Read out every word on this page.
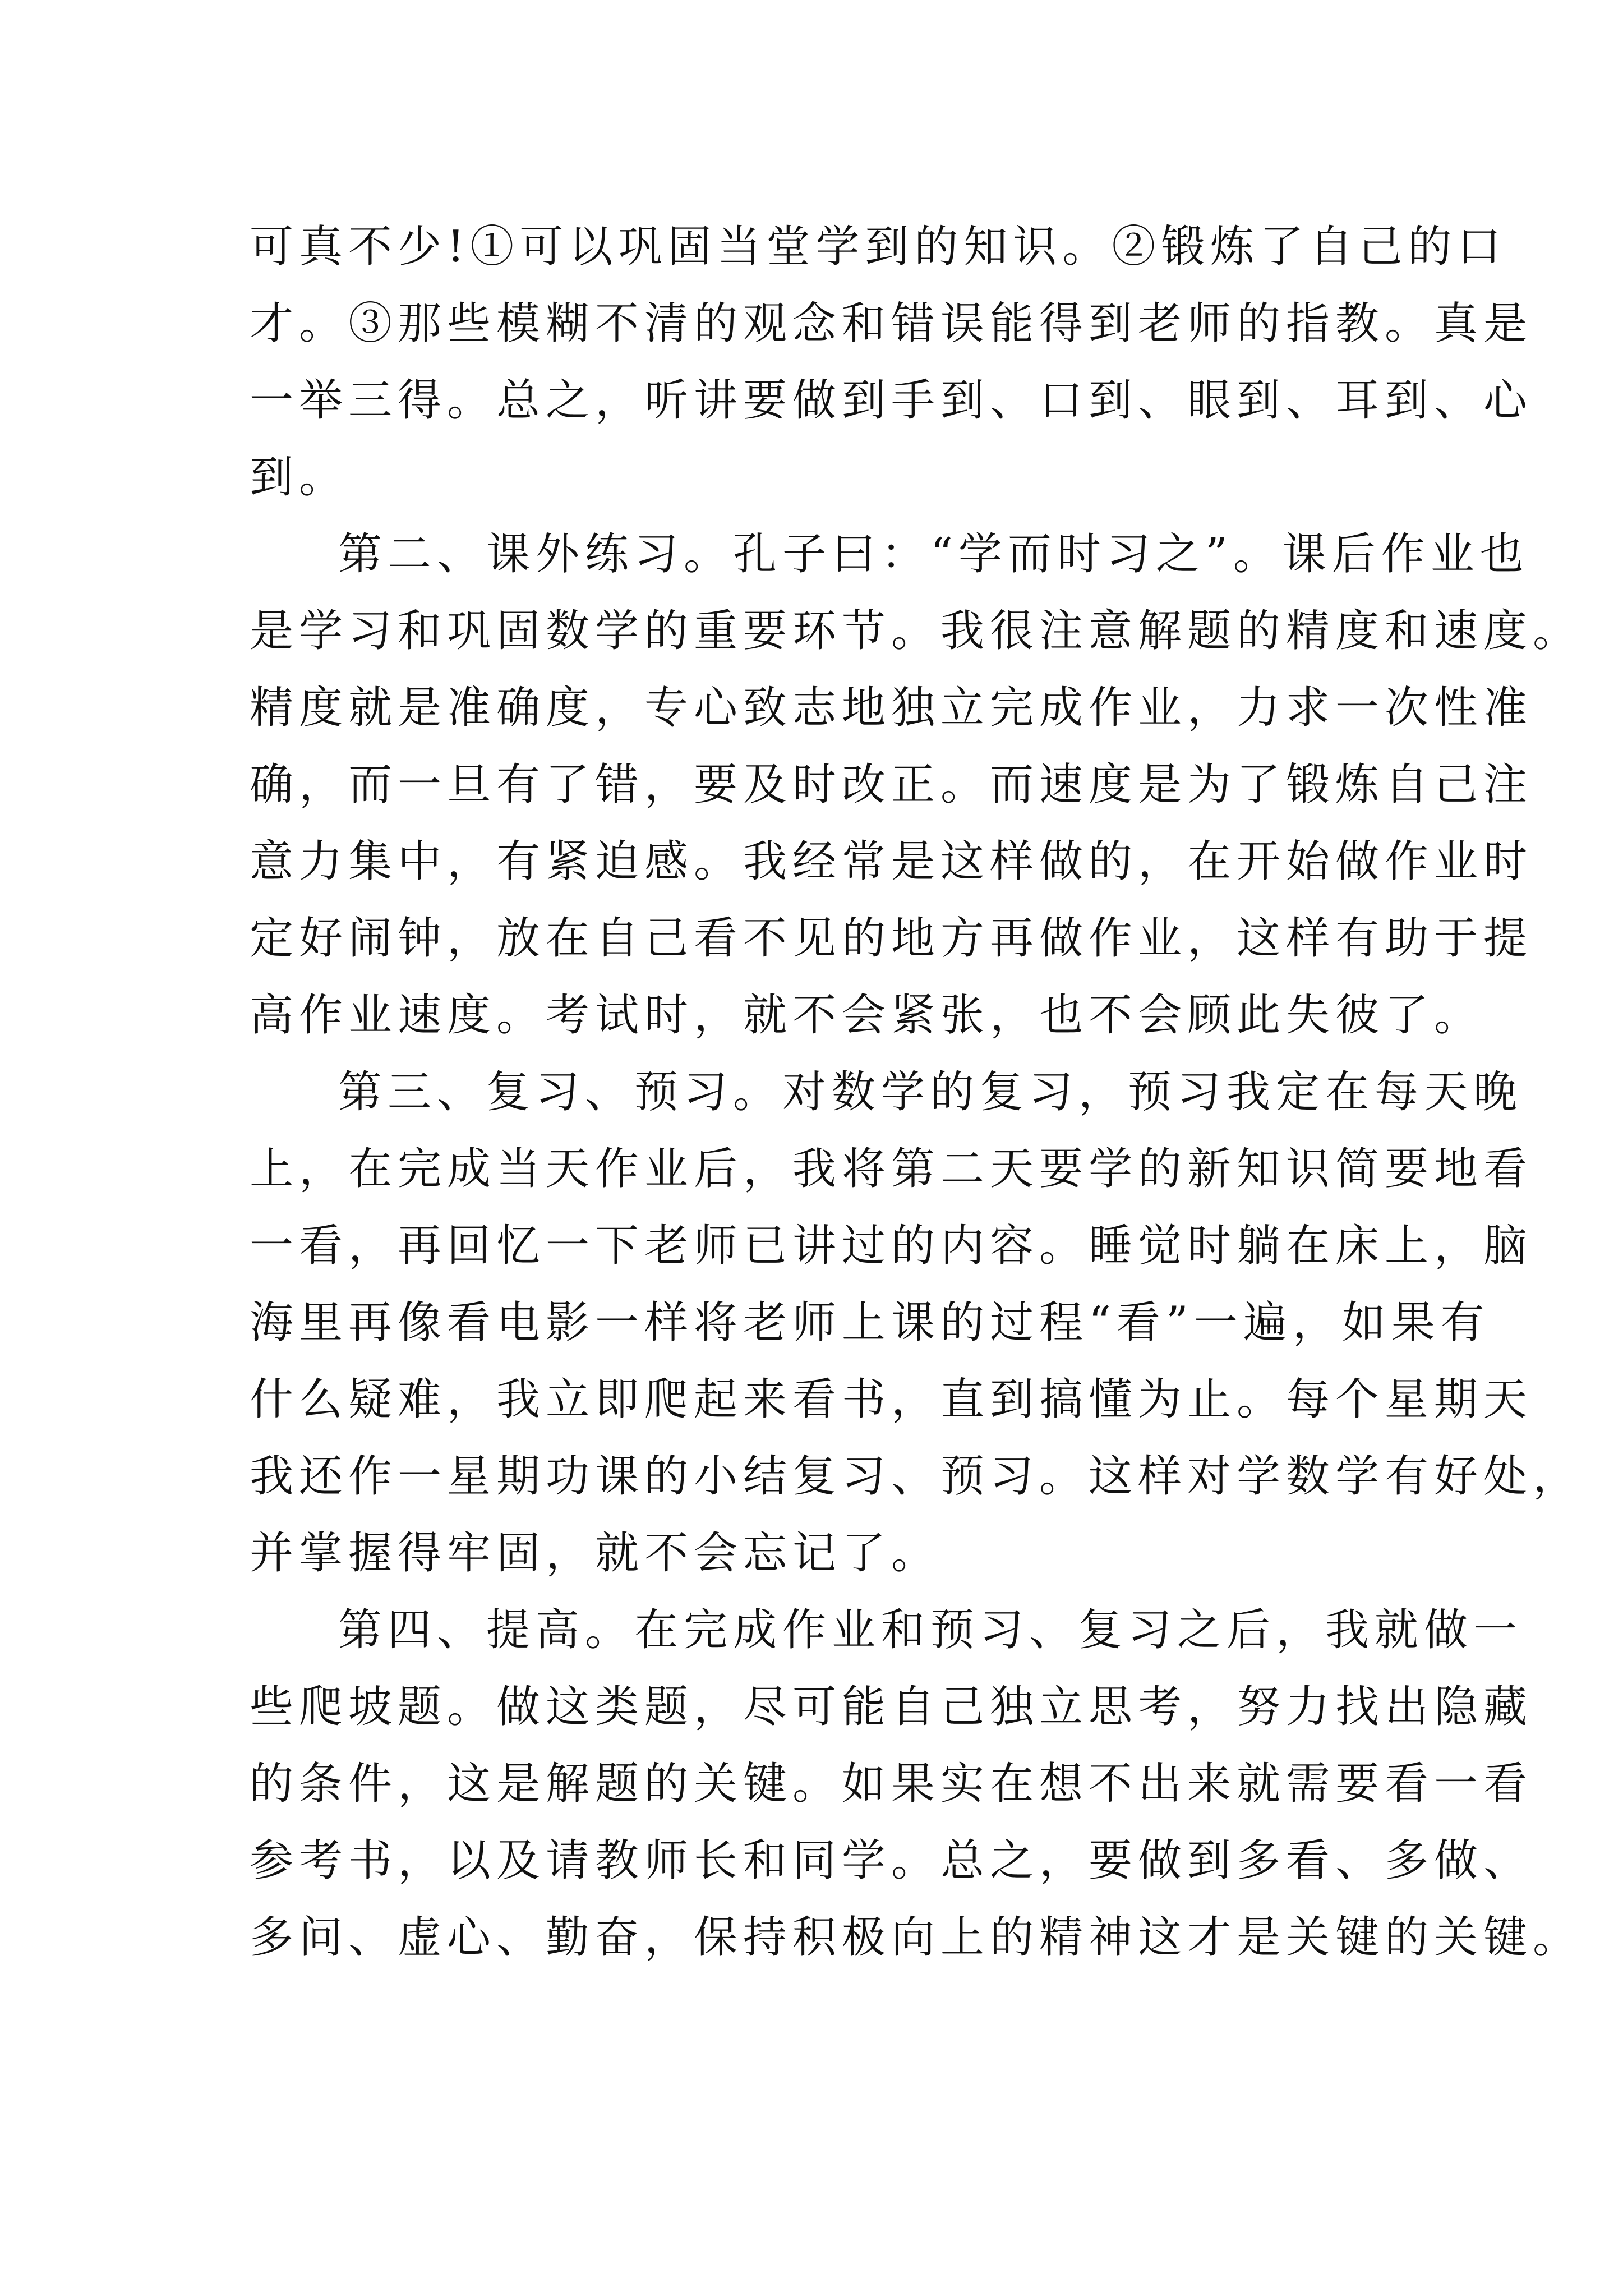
可真不少!①可以巩固当堂学到的知识。②锻炼了自己的口
才。③那些模糊不清的观念和错误能得到老师的指教。真是
一举三得。总之，听讲要做到手到、口到、眼到、耳到、心
到。
第二、课外练习。孔子曰：“学而时习之”。课后作业也
是学习和巩固数学的重要环节。我很注意解题的精度和速度。
精度就是准确度，专心致志地独立完成作业，力求一次性准
确，而一旦有了错，要及时改正。而速度是为了锻炼自己注
意力集中，有紧迫感。我经常是这样做的，在开始做作业时
定好闹钟，放在自己看不见的地方再做作业，这样有助于提
高作业速度。考试时，就不会紧张，也不会顾此失彼了。
第三、复习、预习。对数学的复习，预习我定在每天晚
上，在完成当天作业后，我将第二天要学的新知识简要地看
一看，再回忆一下老师已讲过的内容。睡觉时躺在床上，脑
海里再像看电影一样将老师上课的过程“看”一遍，如果有
什么疑难，我立即爬起来看书，直到搞懂为止。每个星期天
我还作一星期功课的小结复习、预习。这样对学数学有好处，
并掌握得牢固，就不会忘记了。
第四、提高。在完成作业和预习、复习之后，我就做一
些爬坡题。做这类题，尽可能自己独立思考，努力找出隐藏
的条件，这是解题的关键。如果实在想不出来就需要看一看
参考书，以及请教师长和同学。总之，要做到多看、多做、
多问、虚心、勤奋，保持积极向上的精神这才是关键的关键。
